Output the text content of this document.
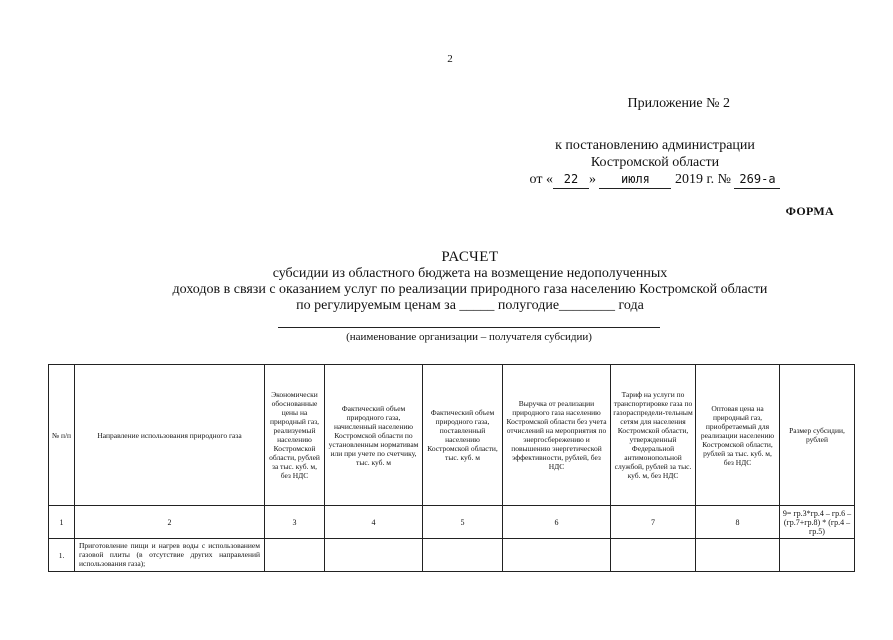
2
Приложение № 2
к постановлению администрации
Костромской области
от « 22 » июля 2019 г. № 269-а
ФОРМА
РАСЧЕТ
субсидии из областного бюджета на возмещение недополученных
доходов в связи с оказанием услуг по реализации природного газа населению Костромской области
по регулируемым ценам за _____ полугодие________ года
(наименование организации – получателя субсидии)
№ п/п	Направление использования природного газа	Экономически обоснованные цены на природный газ, реализуемый населению Костромской области, рублей за тыс. куб. м, без НДС	Фактический объем природного газа, начисленный населению Костромской области по установленным нормативам или при учете по счетчику, тыс. куб. м	Фактический объем природного газа, поставленный населению Костромской области, тыс. куб. м	Выручка от реализации природного газа населению Костромской области без учета отчислений на мероприятия по энергосбережению и повышению энергетической эффективности, рублей, без НДС	Тариф на услуги по транспортировке газа по газораспредели-тельным сетям для населения Костромской области, утвержденный Федеральной антимонопольной службой, рублей за тыс. куб. м, без НДС	Оптовая цена на природный газ, приобретаемый для реализации населению Костромской области, рублей за тыс. куб. м, без НДС	Размер субсидии, рублей
1	2	3	4	5	6	7	8	9= гр.3*гр.4 – гр.6 – (гр.7+гр.8) * (гр.4 – гр.5)
1.	Приготовление пищи и нагрев воды с использованием газовой плиты (в отсутствие других направлений использования газа);							
